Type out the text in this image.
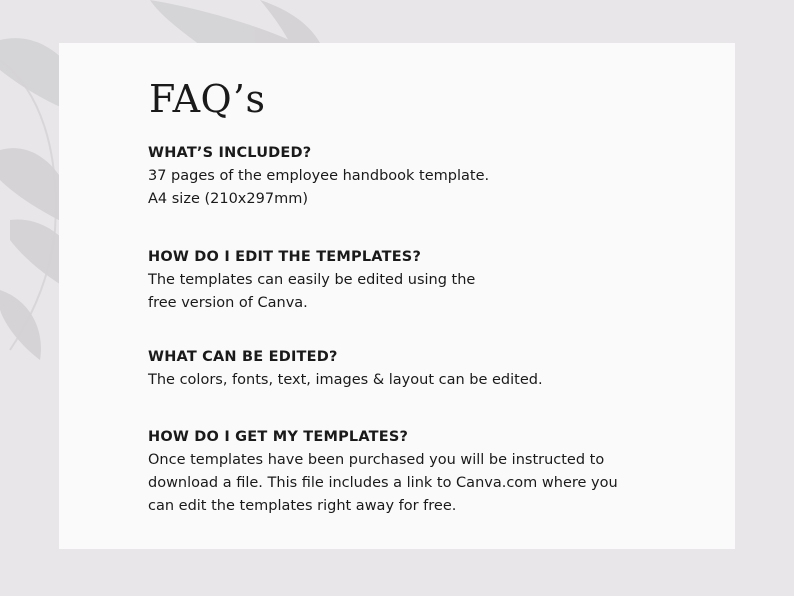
FAQ’s

WHAT’S INCLUDED?

37 pages of the employee handbook template.

A4 size (210x297mm)

HOW DO I EDIT THE TEMPLATES?

The templates can easily be edited using the

free version of Canva.

WHAT CAN BE EDITED?

The colors, fonts, text, images & layout can be edited.

HOW DO I GET MY TEMPLATES?

Once templates have been purchased you will be instructed to

download a file. This file includes a link to Canva.com where you

can edit the templates right away for free.
